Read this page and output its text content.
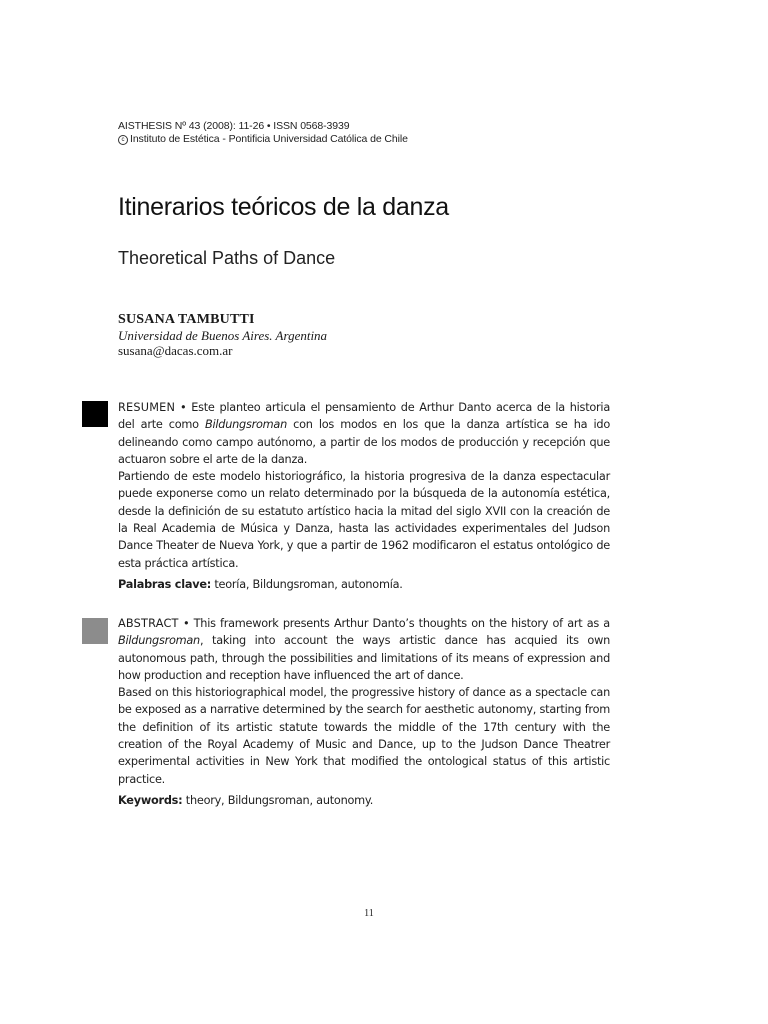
AISTHESIS Nº 43 (2008): 11-26 • ISSN 0568-3939
c Instituto de Estética - Pontificia Universidad Católica de Chile
Itinerarios teóricos de la danza
Theoretical Paths of Dance
SUSANA TAMBUTTI
Universidad de Buenos Aires. Argentina
susana@dacas.com.ar

RESUMEN • Este planteo articula el pensamiento de Arthur Danto acerca de la historia del arte como Bildungsroman con los modos en los que la danza artística se ha ido delineando como campo autónomo, a partir de los modos de producción y recepción que actuaron sobre el arte de la danza.

Partiendo de este modelo historiográfico, la historia progresiva de la danza espectacular puede exponerse como un relato determinado por la búsqueda de la autonomía estética, desde la definición de su estatuto artístico hacia la mitad del siglo XVII con la creación de la Real Academia de Música y Danza, hasta las actividades experimentales del Judson Dance Theater de Nueva York, y que a partir de 1962 modificaron el estatus ontológico de esta práctica artística.

Palabras clave: teoría, Bildungsroman, autonomía.

ABSTRACT • This framework presents Arthur Danto’s thoughts on the history of art as a Bildungsroman, taking into account the ways artistic dance has acquied its own autonomous path, through the possibilities and limitations of its means of expression and how production and reception have influenced the art of dance.

Based on this historiographical model, the progressive history of dance as a spectacle can be exposed as a narrative determined by the search for aesthetic autonomy, starting from the definition of its artistic statute towards the middle of the 17th century with the creation of the Royal Academy of Music and Dance, up to the Judson Dance Theatrer experimental activities in New York that modified the ontological status of this artistic practice.

Keywords: theory, Bildungsroman, autonomy.

11
